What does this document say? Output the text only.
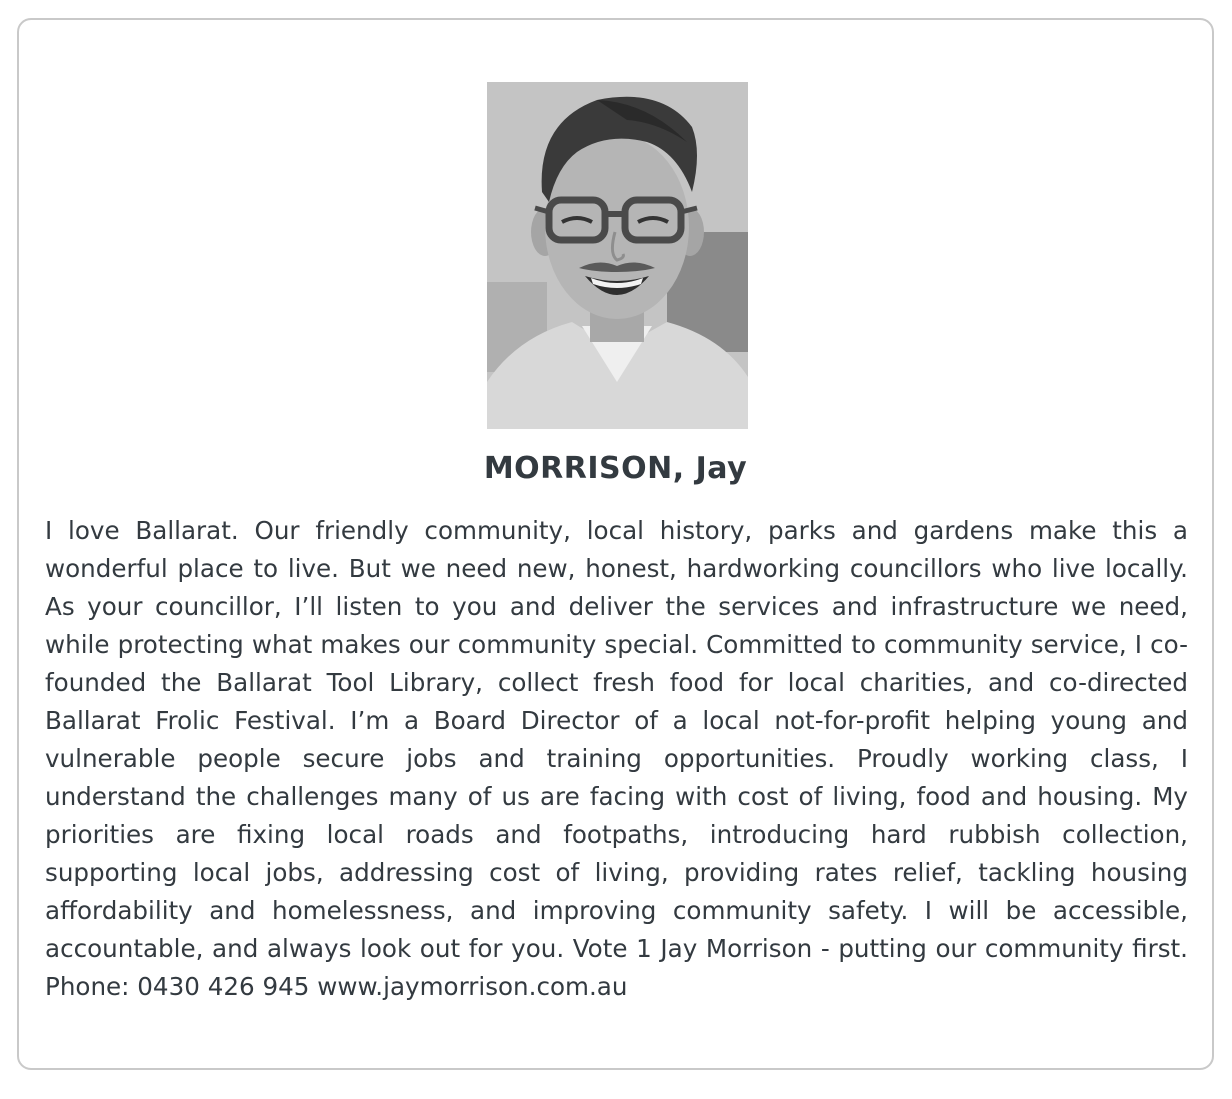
MORRISON, Jay

I love Ballarat. Our friendly community, local history, parks and gardens make this a wonderful place to live. But we need new, honest, hardworking councillors who live locally. As your councillor, I’ll listen to you and deliver the services and infrastructure we need, while protecting what makes our community special. Committed to community service, I co-founded the Ballarat Tool Library, collect fresh food for local charities, and co-directed Ballarat Frolic Festival. I’m a Board Director of a local not-for-profit helping young and vulnerable people secure jobs and training opportunities. Proudly working class, I understand the challenges many of us are facing with cost of living, food and housing. My priorities are fixing local roads and footpaths, introducing hard rubbish collection, supporting local jobs, addressing cost of living, providing rates relief, tackling housing affordability and homelessness, and improving community safety. I will be accessible, accountable, and always look out for you. Vote 1 Jay Morrison - putting our community first. Phone: 0430 426 945 www.jaymorrison.com.au
